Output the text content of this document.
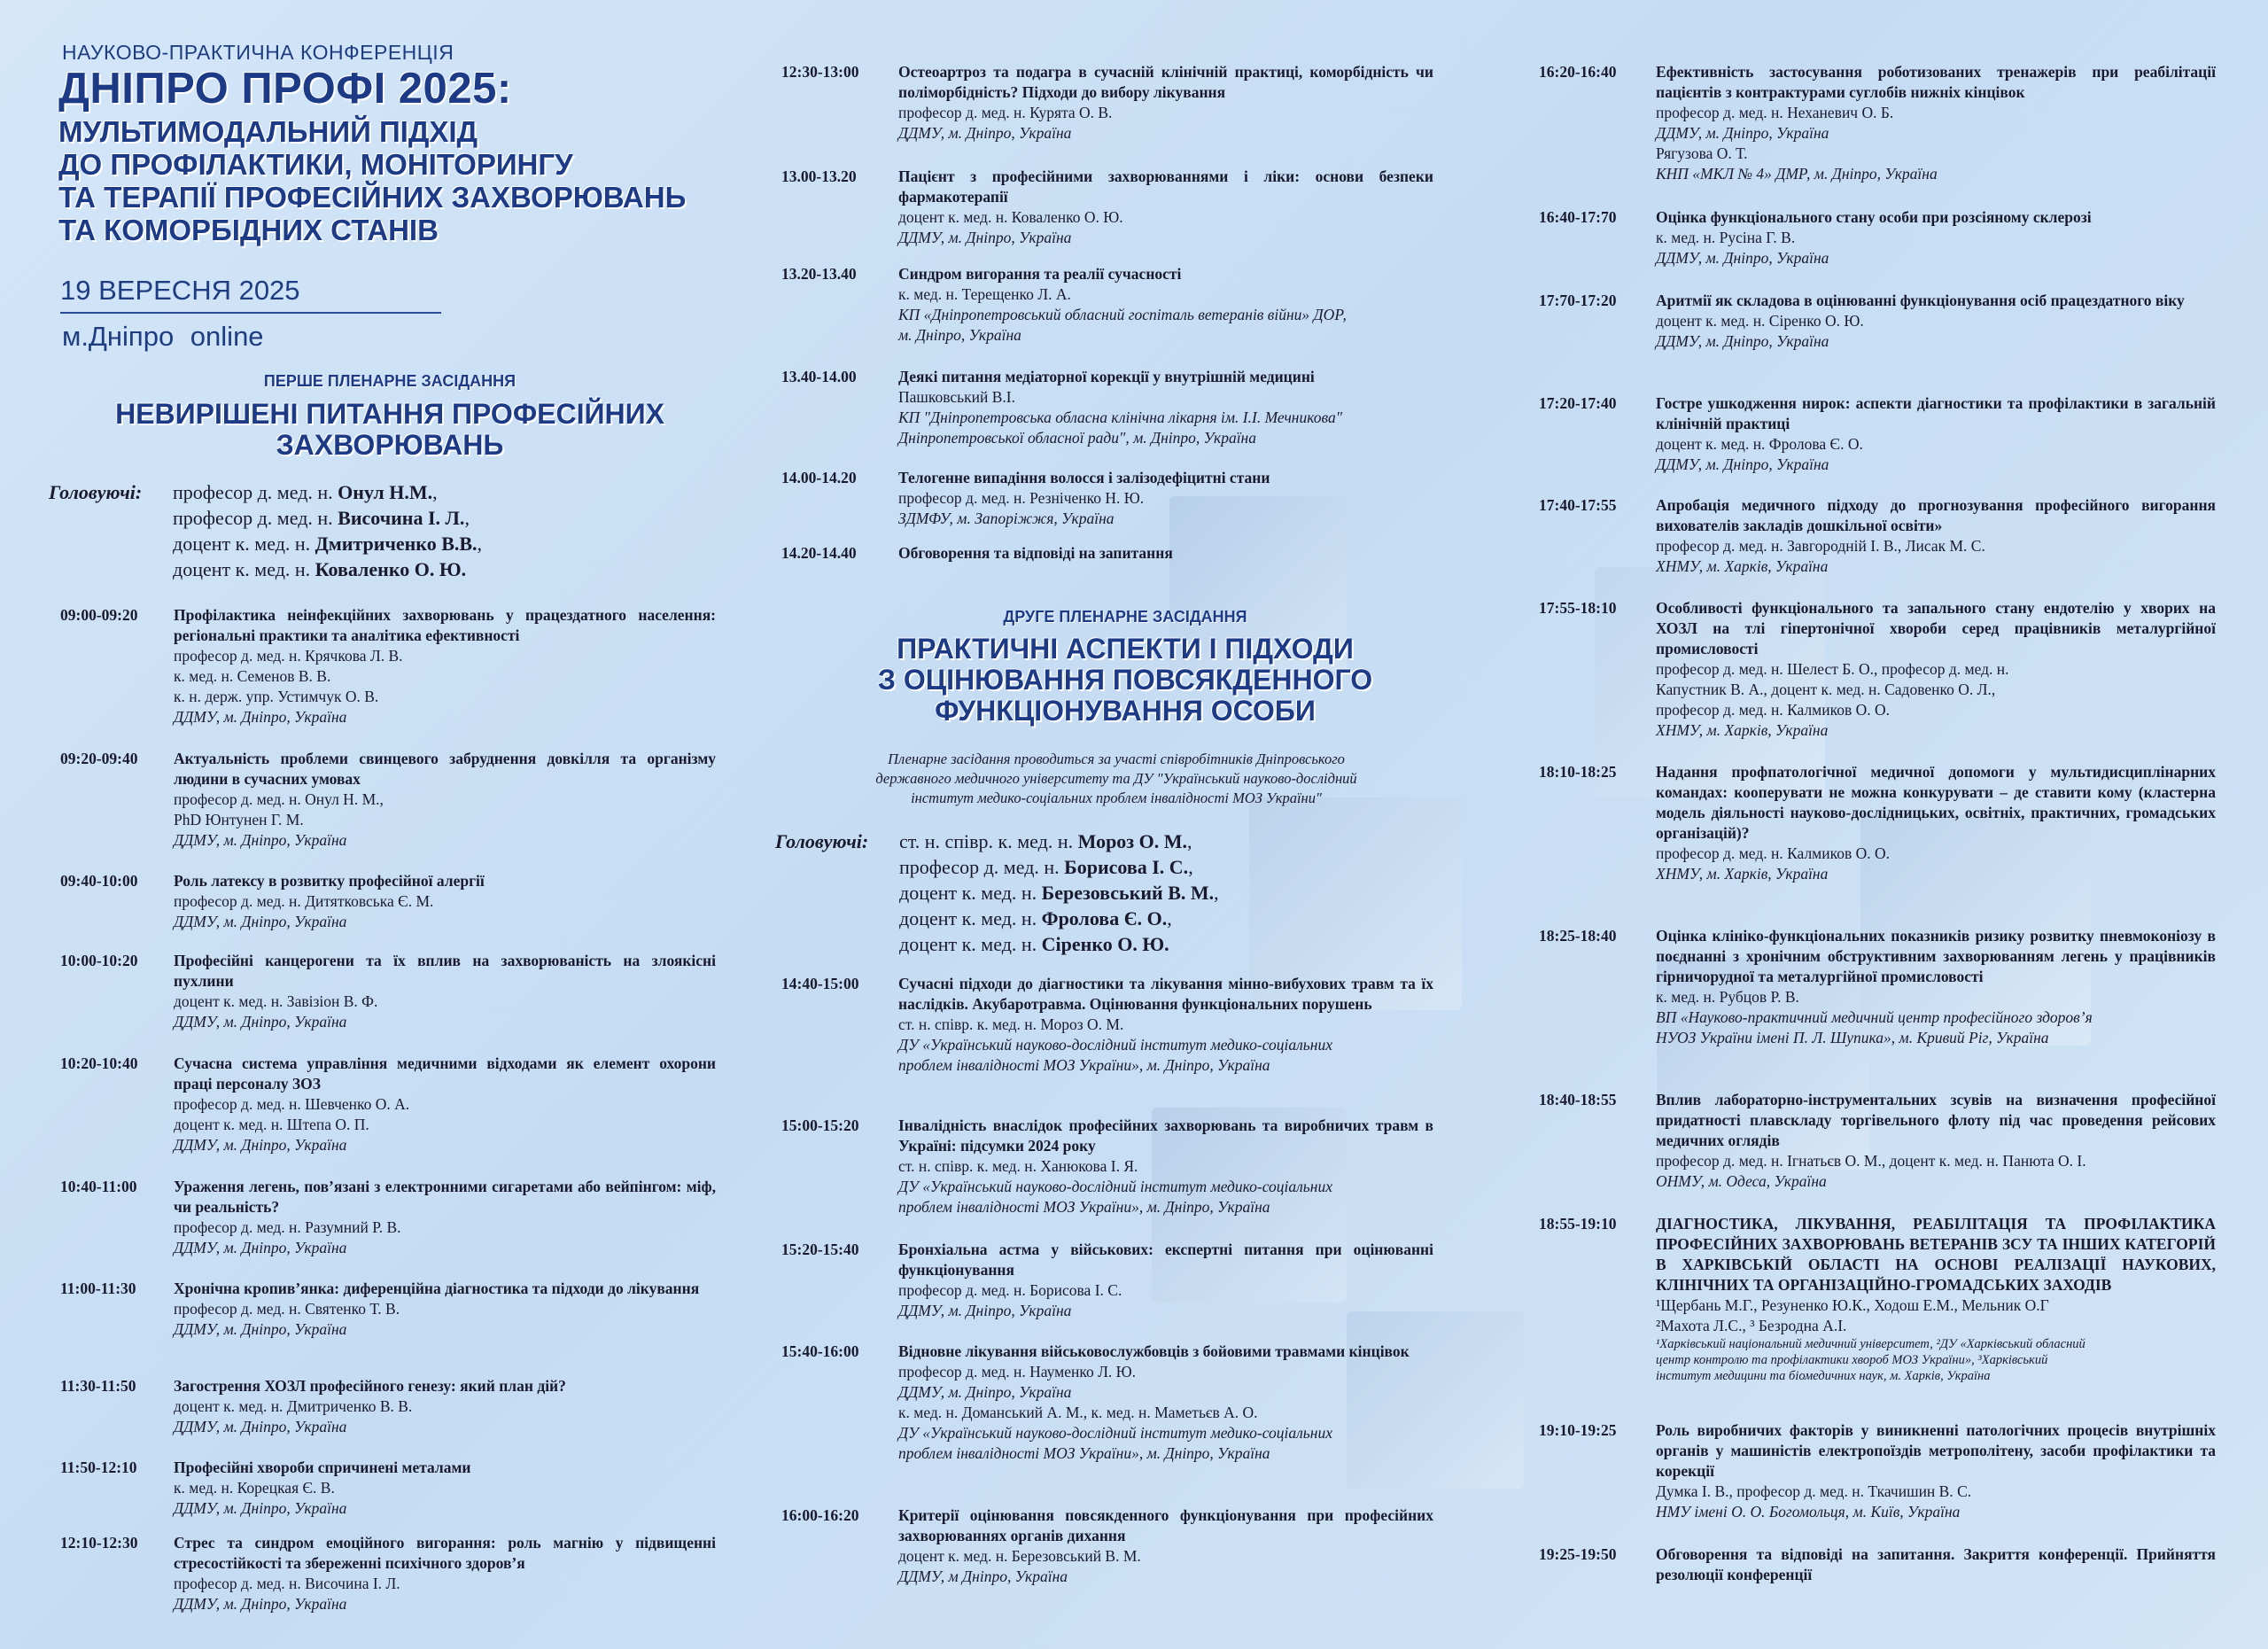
НАУКОВО-ПРАКТИЧНА КОНФЕРЕНЦІЯ
ДНІПРО ПРОФІ 2025:
МУЛЬТИМОДАЛЬНИЙ ПІДХІД
ДО ПРОФІЛАКТИКИ, МОНІТОРИНГУ
ТА ТЕРАПІЇ ПРОФЕСІЙНИХ ЗАХВОРЮВАНЬ
ТА КОМОРБІДНИХ СТАНІВ
19 ВЕРЕСНЯ 2025
м.Дніпро online
ПЕРШЕ ПЛЕНАРНЕ ЗАСІДАННЯ
НЕВИРІШЕНІ ПИТАННЯ ПРОФЕСІЙНИХ
ЗАХВОРЮВАНЬ
Головуючі: професор д. мед. н. Онул Н.М.,
професор д. мед. н. Височина І. Л.,
доцент к. мед. н. Дмитриченко В.В.,
доцент к. мед. н. Коваленко О. Ю.
09:00-09:20 Профілактика неінфекційних захворювань у працездатного населення: регіональні практики та аналітика ефективності
професор д. мед. н. Крячкова Л. В.
к. мед. н. Семенов В. В.
к. н. держ. упр. Устимчук О. В.
ДДМУ, м. Дніпро, Україна
09:20-09:40 Актуальність проблеми свинцевого забруднення довкілля та організму людини в сучасних умовах
професор д. мед. н. Онул Н. М.,
PhD Юнтунен Г. М.
ДДМУ, м. Дніпро, Україна
09:40-10:00 Роль латексу в розвитку професійної алергії
професор д. мед. н. Дитятковська Є. М.
ДДМУ, м. Дніпро, Україна
10:00-10:20 Професійні канцерогени та їх вплив на захворюваність на злоякісні пухлини
доцент к. мед. н. Завізіон В. Ф.
ДДМУ, м. Дніпро, Україна
10:20-10:40 Сучасна система управління медичними відходами як елемент охорони праці персоналу ЗОЗ
професор д. мед. н. Шевченко О. А.
доцент к. мед. н. Штепа О. П.
ДДМУ, м. Дніпро, Україна
10:40-11:00 Ураження легень, пов’язані з електронними сигаретами або вейпінгом: міф, чи реальність?
професор д. мед. н. Разумний Р. В.
ДДМУ, м. Дніпро, Україна
11:00-11:30 Хронічна кропив’янка: диференційна діагностика та підходи до лікування
професор д. мед. н. Святенко Т. В.
ДДМУ, м. Дніпро, Україна
11:30-11:50 Загострення ХОЗЛ професійного генезу: який план дій?
доцент к. мед. н. Дмитриченко В. В.
ДДМУ, м. Дніпро, Україна
11:50-12:10 Професійні хвороби спричинені металами
к. мед. н. Корецкая Є. В.
ДДМУ, м. Дніпро, Україна
12:10-12:30 Стрес та синдром емоційного вигорання: роль магнію у підвищенні стресостійкості та збереженні психічного здоров’я
професор д. мед. н. Височина І. Л.
ДДМУ, м. Дніпро, Україна
12:30-13:00	Остеоартроз та подагра в сучасній клінічній практиці, коморбідність чи поліморбідність? Підходи до вибору лікування
професор д. мед. н. Курята О. В.
ДДМУ, м. Дніпро, Україна
13.00-13.20	Пацієнт з професійними захворюваннями і ліки: основи безпеки фармакотерапії
доцент к. мед. н. Коваленко О. Ю.
ДДМУ, м. Дніпро, Україна
13.20-13.40	Синдром вигорання та реалії сучасності
к. мед. н. Терещенко Л. А.
КП «Дніпропетровський обласний госпіталь ветеранів війни» ДОР,
м. Дніпро, Україна
13.40-14.00	Деякі питання медіаторної корекції у внутрішній медицині
Пашковський В.І.
КП "Дніпропетровська обласна клінічна лікарня ім. І.І. Мечникова"
Дніпропетровської обласної ради", м. Дніпро, Україна
14.00-14.20	Телогенне випадіння волосся і залізодефіцитні стани
професор д. мед. н. Резніченко Н. Ю.
ЗДМФУ, м. Запоріжжя, Україна
14.20-14.40	Обговорення та відповіді на запитання
ДРУГЕ ПЛЕНАРНЕ ЗАСІДАННЯ
ПРАКТИЧНІ АСПЕКТИ І ПІДХОДИ
З ОЦІНЮВАННЯ ПОВСЯКДЕННОГО
ФУНКЦІОНУВАННЯ ОСОБИ
Пленарне засідання проводиться за участі співробітників Дніпровського
державного медичного університету та ДУ "Український науково-дослідний
інститут медико-соціальних проблем інвалідності МОЗ України"
Головуючі: ст. н. співр. к. мед. н. Мороз О. М.,
професор д. мед. н. Борисова І. С.,
доцент к. мед. н. Березовський В. М.,
доцент к. мед. н. Фролова Є. О.,
доцент к. мед. н. Сіренко О. Ю.
14:40-15:00	Сучасні підходи до діагностики та лікування мінно-вибухових травм та їх наслідків. Акубаротравма. Оцінювання функціональних порушень
ст. н. співр. к. мед. н. Мороз О. М.
ДУ «Український науково-дослідний інститут медико-соціальних
проблем інвалідності МОЗ України», м. Дніпро, Україна
15:00-15:20	Інвалідність внаслідок професійних захворювань та виробничих травм в Україні: підсумки 2024 року
ст. н. співр. к. мед. н. Ханюкова І. Я.
ДУ «Український науково-дослідний інститут медико-соціальних
проблем інвалідності МОЗ України», м. Дніпро, Україна
15:20-15:40	Бронхіальна астма у військових: експертні питання при оцінюванні функціонування
професор д. мед. н. Борисова І. С.
ДДМУ, м. Дніпро, Україна
15:40-16:00	Відновне лікування військовослужбовців з бойовими травмами кінцівок
професор д. мед. н. Науменко Л. Ю.
ДДМУ, м. Дніпро, Україна
к. мед. н. Доманський А. М., к. мед. н. Маметьєв А. О.
ДУ «Український науково-дослідний інститут медико-соціальних
проблем інвалідності МОЗ України», м. Дніпро, Україна
16:00-16:20	Критерії оцінювання повсякденного функціонування при професійних захворюваннях органів дихання
доцент к. мед. н. Березовський В. М.
ДДМУ, м Дніпро, Україна
16:20-16:40	Ефективність застосування роботизованих тренажерів при реабілітації пацієнтів з контрактурами суглобів нижніх кінцівок
професор д. мед. н. Неханевич О. Б.
ДДМУ, м. Дніпро, Україна
Рягузова О. Т.
КНП «МКЛ № 4» ДМР, м. Дніпро, Україна
16:40-17:70	Оцінка функціонального стану особи при розсіяному склерозі
к. мед. н. Русіна Г. В.
ДДМУ, м. Дніпро, Україна
17:70-17:20	Аритмії як складова в оцінюванні функціонування осіб працездатного віку
доцент к. мед. н. Сіренко О. Ю.
ДДМУ, м. Дніпро, Україна
17:20-17:40	Гостре ушкодження нирок: аспекти діагностики та профілактики в загальній клінічній практиці
доцент к. мед. н. Фролова Є. О.
ДДМУ, м. Дніпро, Україна
17:40-17:55	Апробація медичного підходу до прогнозування професійного вигорання вихователів закладів дошкільної освіти»
професор д. мед. н. Завгородній І. В., Лисак М. С.
ХНМУ, м. Харків, Україна
17:55-18:10	Особливості функціонального та запального стану ендотелію у хворих на ХОЗЛ на тлі гіпертонічної хвороби серед працівників металургійної промисловості
професор д. мед. н. Шелест Б. О., професор д. мед. н.
Капустник В. А., доцент к. мед. н. Садовенко О. Л.,
професор д. мед. н. Калмиков О. О.
ХНМУ, м. Харків, Україна
18:10-18:25	Надання профпатологічної медичної допомоги у мультидисциплінарних командах: кооперувати не можна конкурувати – де ставити кому (кластерна модель діяльності науково-дослідницьких, освітніх, практичних, громадських організацій)?
професор д. мед. н. Калмиков О. О.
ХНМУ, м. Харків, Україна
18:25-18:40	Оцінка клініко-функціональних показників ризику розвитку пневмоконіозу в поєднанні з хронічним обструктивним захворюванням легень у працівників гірничорудної та металургійної промисловості
к. мед. н. Рубцов Р. В.
ВП «Науково-практичний медичний центр професійного здоров’я
НУОЗ України імені П. Л. Шупика», м. Кривий Ріг, Україна
18:40-18:55	Вплив лабораторно-інструментальних зсувів на визначення професійної придатності плавскладу торгівельного флоту під час проведення рейсових медичних оглядів
професор д. мед. н. Ігнатьєв О. М., доцент к. мед. н. Панюта О. І.
ОНМУ, м. Одеса, Україна
18:55-19:10	ДІАГНОСТИКА, ЛІКУВАННЯ, РЕАБІЛІТАЦІЯ ТА ПРОФІЛАКТИКА ПРОФЕСІЙНИХ ЗАХВОРЮВАНЬ ВЕТЕРАНІВ ЗСУ ТА ІНШИХ КАТЕГОРІЙ В ХАРКІВСЬКІЙ ОБЛАСТІ НА ОСНОВІ РЕАЛІЗАЦІЇ НАУКОВИХ, КЛІНІЧНИХ ТА ОРГАНІЗАЦІЙНО-ГРОМАДСЬКИХ ЗАХОДІВ
¹Щербань М.Г., Резуненко Ю.К., Ходош Е.М., Мельник О.Г
²Махота Л.С., ³ Безродна А.І.
¹Харківський національний медичний університет, ²ДУ «Харківський обласний
центр контролю та профілактики хвороб МОЗ України», ³Харківський
інститут медицини та біомедичних наук, м. Харків, Україна
19:10-19:25	Роль виробничих факторів у виникненні патологічних процесів внутрішніх органів у машиністів електропоїздів метрополітену, засоби профілактики та корекції
Думка І. В., професор д. мед. н. Ткачишин В. С.
НМУ імені О. О. Богомольця, м. Київ, Україна
19:25-19:50	Обговорення та відповіді на запитання. Закриття конференції. Прийняття резолюції конференції
